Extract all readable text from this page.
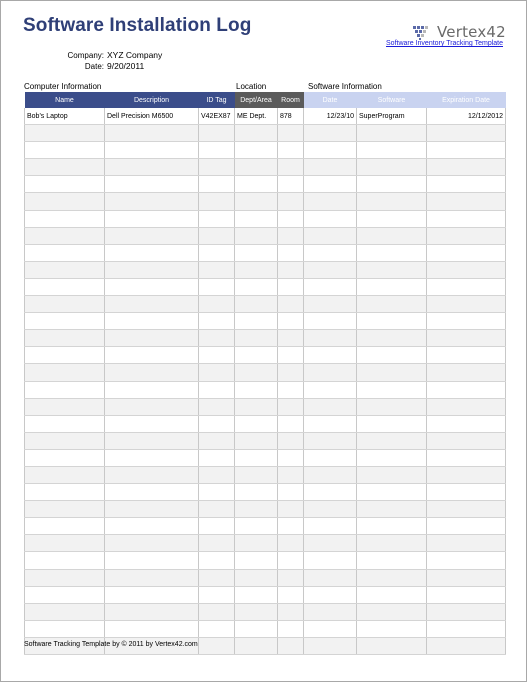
Software Installation Log	Vertex42
Software Inventory Tracking Template
Company: XYZ Company
Date: 9/20/2011
Computer Information	Location	Software Information
Name	Description	ID Tag	Dept/Area	Room	Date	Software	Expiration Date
Bob's Laptop	Dell Precision M6500	V42EX87	ME Dept.	878	12/23/10	SuperProgram	12/12/2012

Software Tracking Template by © 2011 by Vertex42.com
